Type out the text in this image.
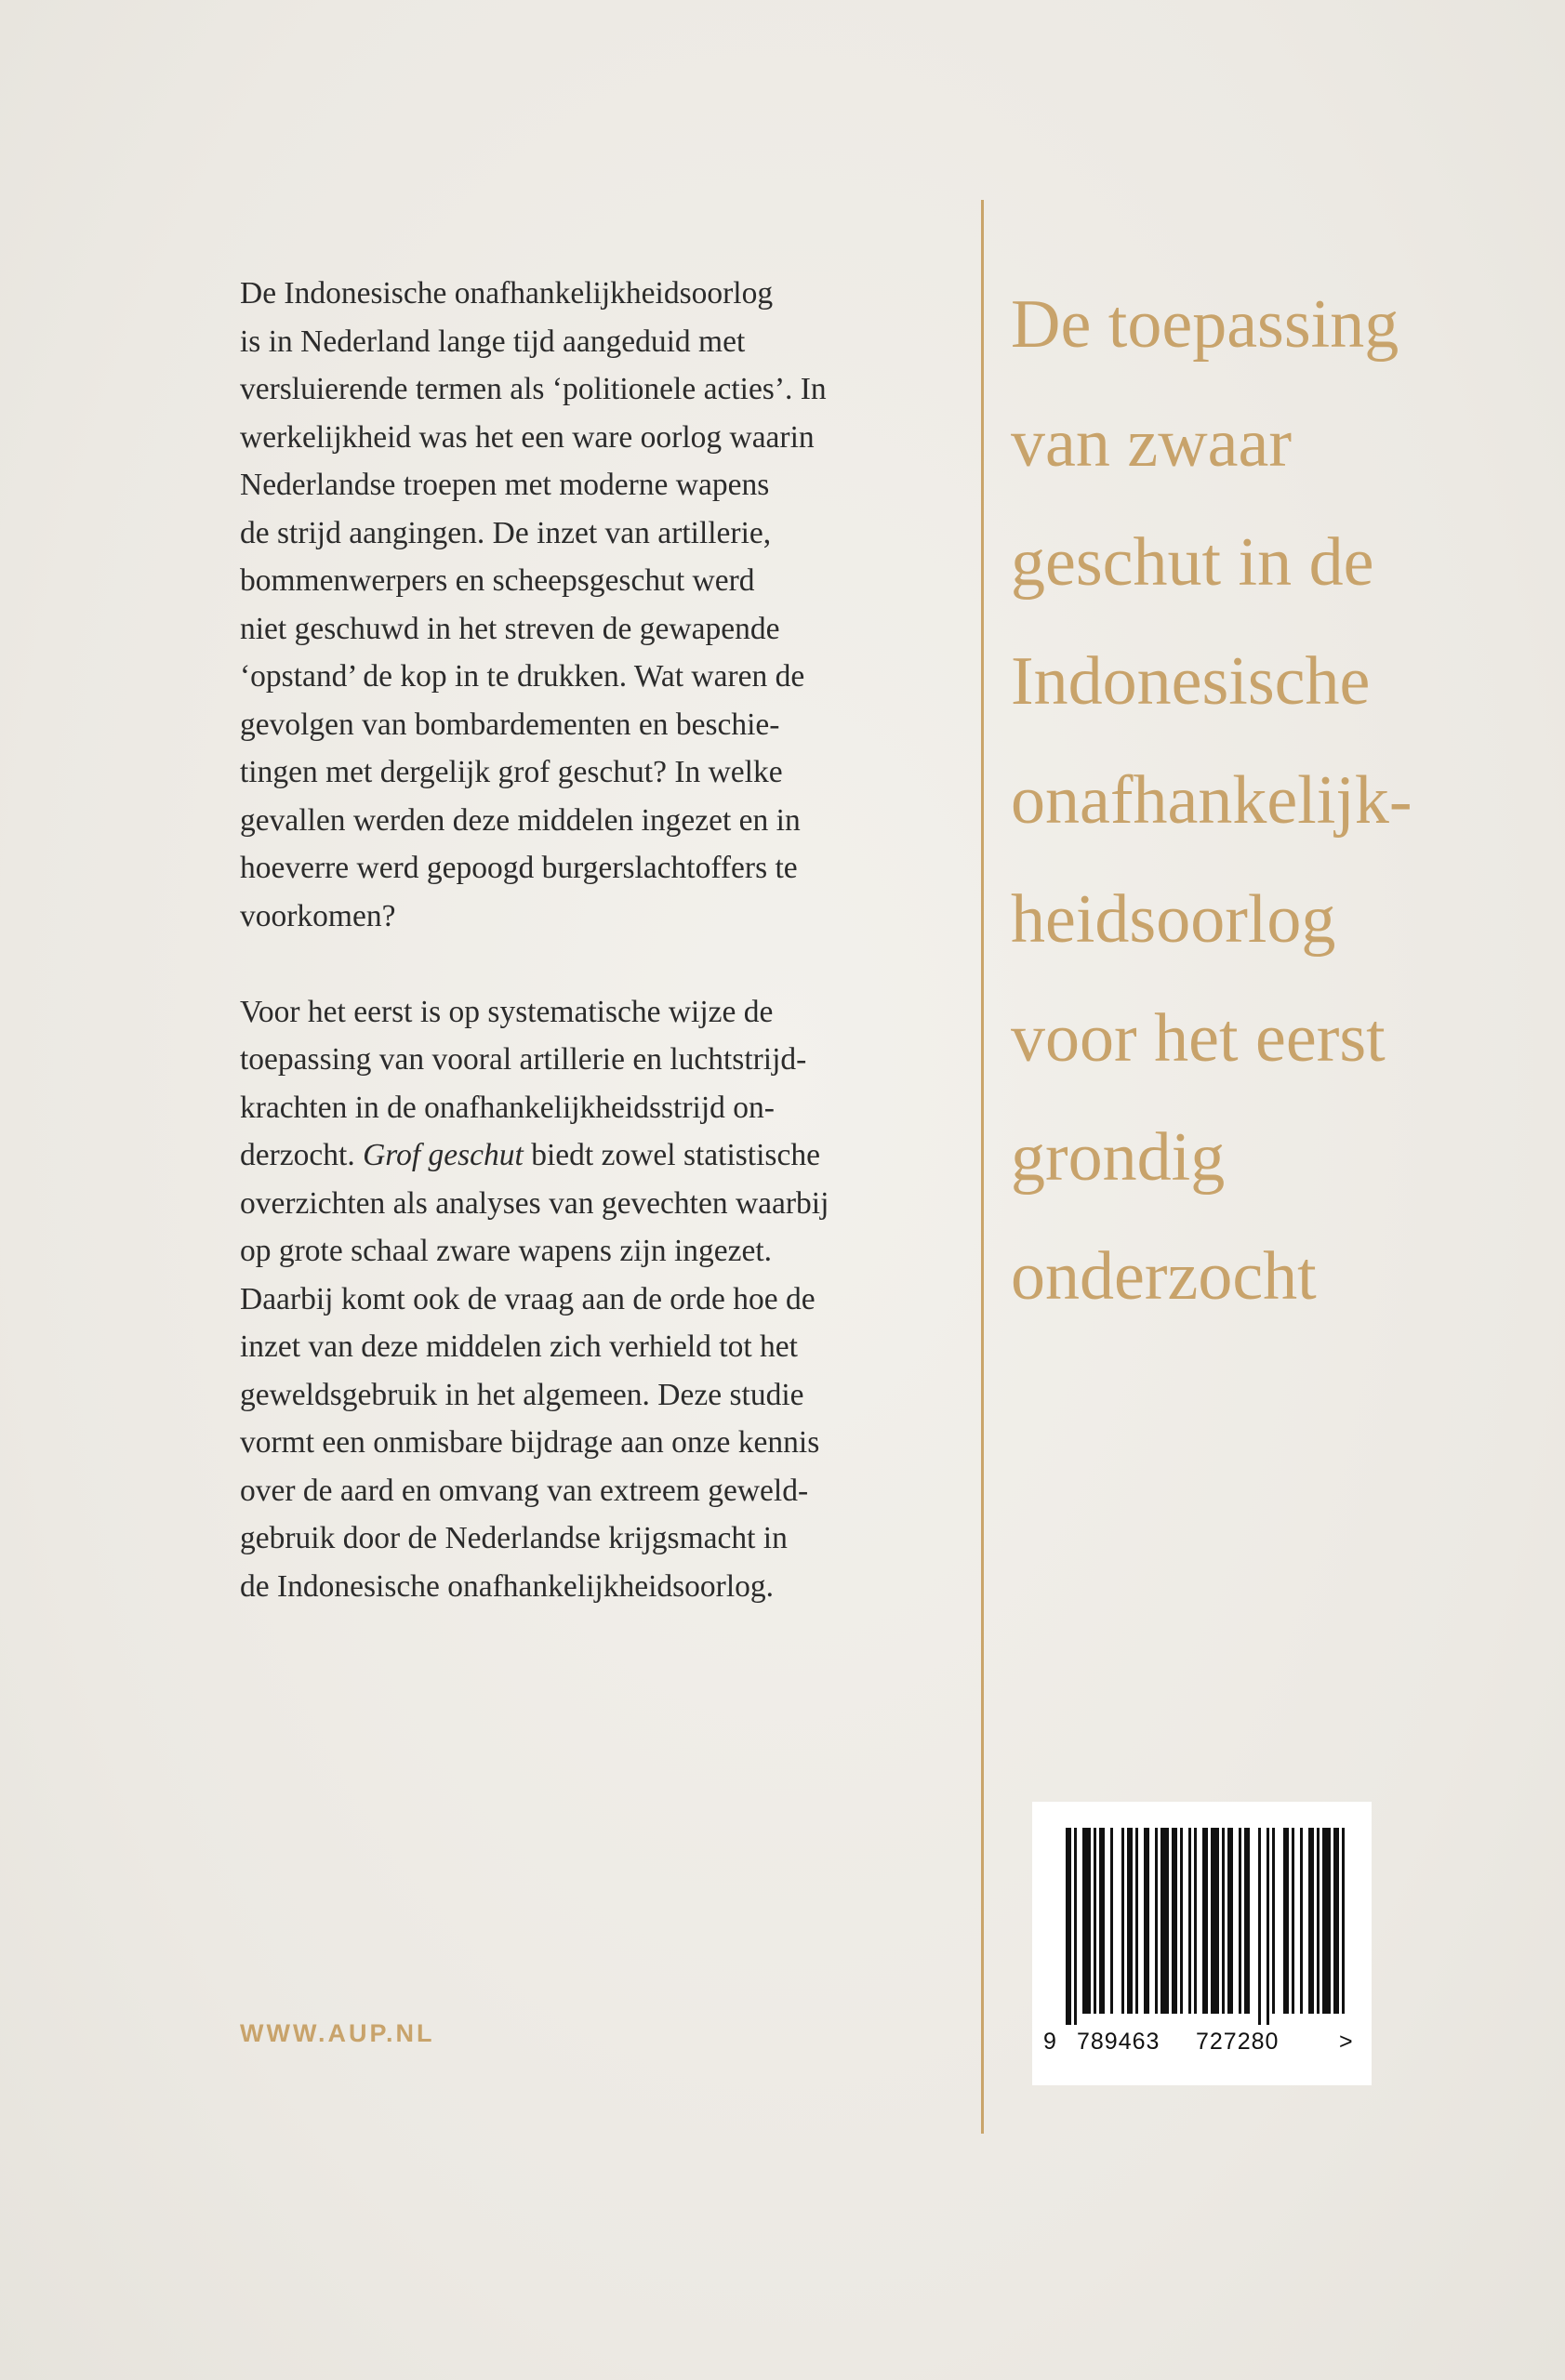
De Indonesische onafhankelijkheidsoorlog
is in Nederland lange tijd aangeduid met
versluierende termen als ‘politionele acties’. In
werkelijkheid was het een ware oorlog waarin
Nederlandse troepen met moderne wapens
de strijd aangingen. De inzet van artillerie,
bommenwerpers en scheepsgeschut werd
niet geschuwd in het streven de gewapende
‘opstand’ de kop in te drukken. Wat waren de
gevolgen van bombardementen en beschie-
tingen met dergelijk grof geschut? In welke
gevallen werden deze middelen ingezet en in
hoeverre werd gepoogd burgerslachtoffers te
voorkomen?

Voor het eerst is op systematische wijze de
toepassing van vooral artillerie en luchtstrijd-
krachten in de onafhankelijkheidsstrijd on-
derzocht. Grof geschut biedt zowel statistische
overzichten als analyses van gevechten waarbij
op grote schaal zware wapens zijn ingezet.
Daarbij komt ook de vraag aan de orde hoe de
inzet van deze middelen zich verhield tot het
geweldsgebruik in het algemeen. Deze studie
vormt een onmisbare bijdrage aan onze kennis
over de aard en omvang van extreem geweld-
gebruik door de Nederlandse krijgsmacht in
de Indonesische onafhankelijkheidsoorlog.

De toepassing
van zwaar
geschut in de
Indonesische
onafhankelijk-
heidsoorlog
voor het eerst
grondig
onderzocht

WWW.AUP.NL	9 789463 727280	>
